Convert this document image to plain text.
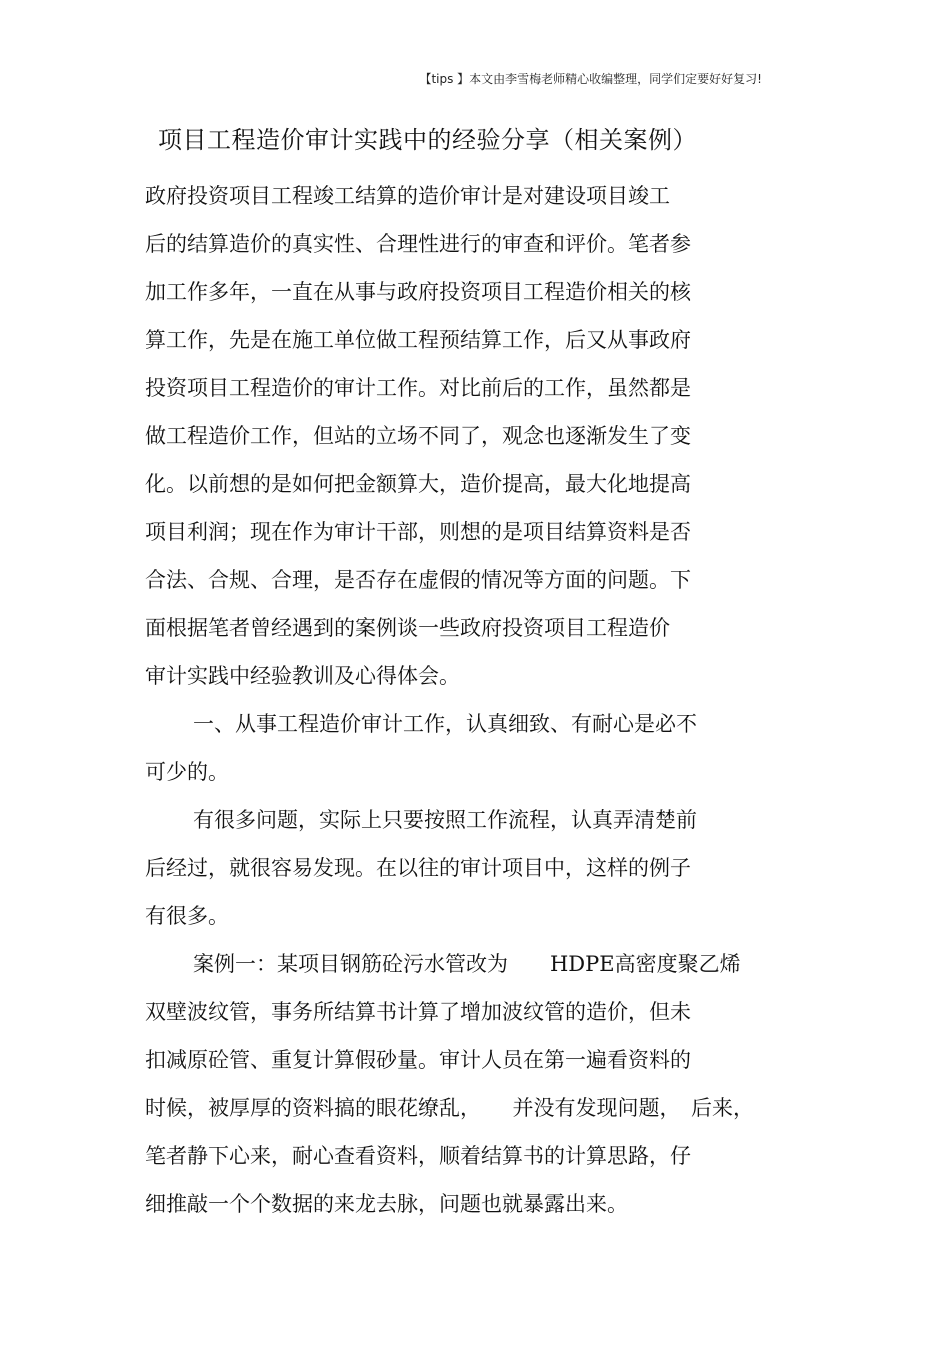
【tips 】本文由李雪梅老师精心收编整理，同学们定要好好复习!
项目工程造价审计实践中的经验分享（相关案例）
政府投资项目工程竣工结算的造价审计是对建设项目竣工
后的结算造价的真实性、合理性进行的审查和评价。笔者参
加工作多年，一直在从事与政府投资项目工程造价相关的核
算工作，先是在施工单位做工程预结算工作，后又从事政府
投资项目工程造价的审计工作。对比前后的工作，虽然都是
做工程造价工作，但站的立场不同了，观念也逐渐发生了变
化。以前想的是如何把金额算大，造价提高，最大化地提高
项目利润；现在作为审计干部，则想的是项目结算资料是否
合法、合规、合理，是否存在虚假的情况等方面的问题。下
面根据笔者曾经遇到的案例谈一些政府投资项目工程造价
审计实践中经验教训及心得体会。
一、从事工程造价审计工作，认真细致、有耐心是必不
可少的。
有很多问题，实际上只要按照工作流程，认真弄清楚前
后经过，就很容易发现。在以往的审计项目中，这样的例子
有很多。
案例一：某项目钢筋砼污水管改为　　HDPE高密度聚乙烯
双壁波纹管，事务所结算书计算了增加波纹管的造价，但未
扣减原砼管、重复计算假砂量。审计人员在第一遍看资料的
时候，被厚厚的资料搞的眼花缭乱，　　并没有发现问题，　后来，
笔者静下心来，耐心查看资料，顺着结算书的计算思路，仔
细推敲一个个数据的来龙去脉，问题也就暴露出来。
